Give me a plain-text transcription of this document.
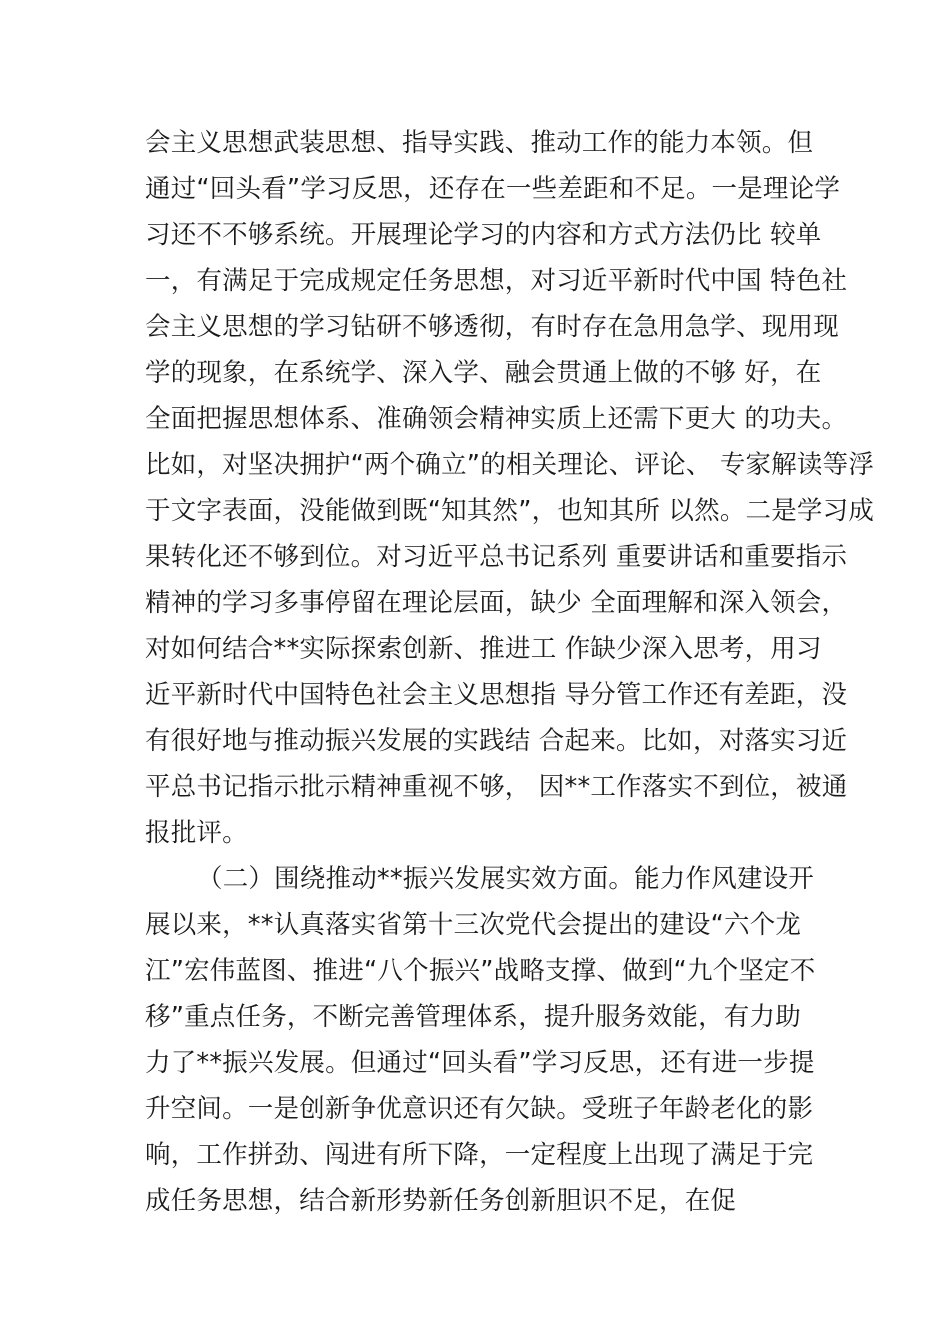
会主义思想武装思想、指导实践、推动工作的能力本领。但
通过“回头看”学习反思，还存在一些差距和不足。一是理论学
习还不不够系统。开展理论学习的内容和方式方法仍比 较单
一，有满足于完成规定任务思想，对习近平新时代中国 特色社
会主义思想的学习钻研不够透彻，有时存在急用急学、现用现
学的现象，在系统学、深入学、融会贯通上做的不够 好，在
全面把握思想体系、准确领会精神实质上还需下更大 的功夫。
比如，对坚决拥护“两个确立”的相关理论、评论、 专家解读等浮
于文字表面，没能做到既“知其然”，也知其所 以然。二是学习成
果转化还不够到位。对习近平总书记系列 重要讲话和重要指示
精神的学习多事停留在理论层面，缺少 全面理解和深入领会，
对如何结合**实际探索创新、推进工 作缺少深入思考，用习
近平新时代中国特色社会主义思想指 导分管工作还有差距，没
有很好地与推动振兴发展的实践结 合起来。比如，对落实习近
平总书记指示批示精神重视不够， 因**工作落实不到位，被通
报批评。
（二）围绕推动**振兴发展实效方面。能力作风建设开
展以来，**认真落实省第十三次党代会提出的建设“六个龙
江”宏伟蓝图、推进“八个振兴”战略支撑、做到“九个坚定不
移”重点任务，不断完善管理体系，提升服务效能，有力助
力了**振兴发展。但通过“回头看”学习反思，还有进一步提
升空间。一是创新争优意识还有欠缺。受班子年龄老化的影
响，工作拼劲、闯进有所下降，一定程度上出现了满足于完
成任务思想，结合新形势新任务创新胆识不足，在促
